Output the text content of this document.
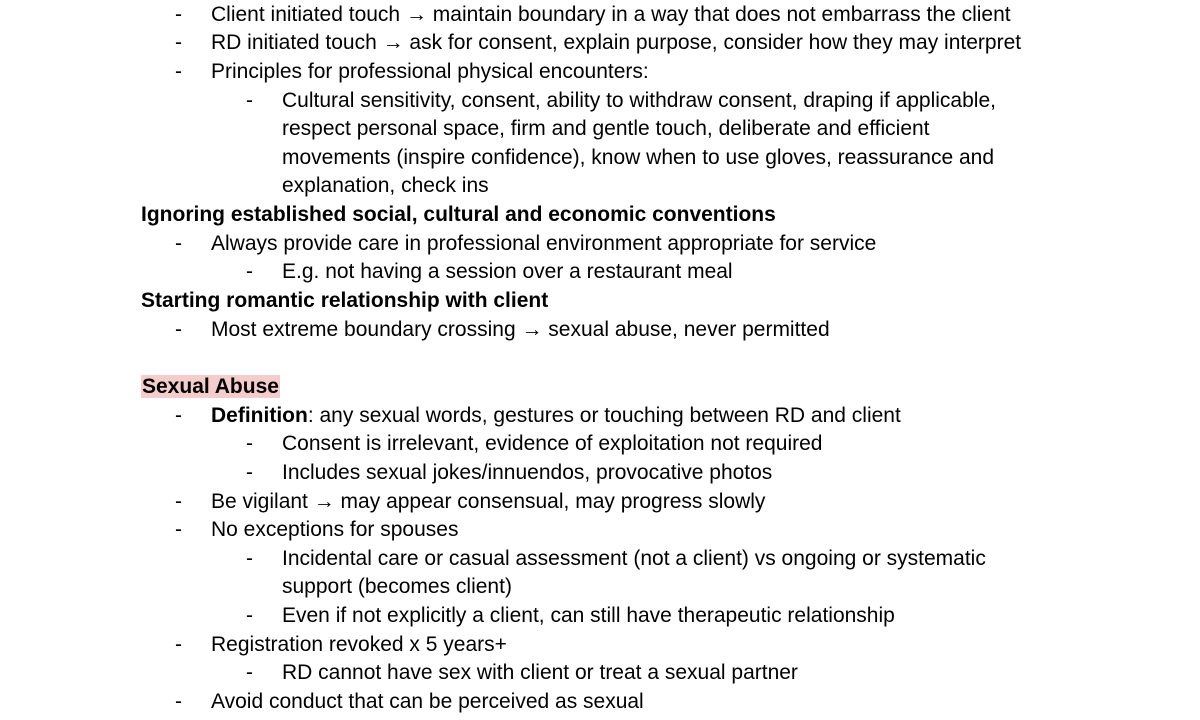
- Client initiated touch → maintain boundary in a way that does not embarrass the client
- RD initiated touch → ask for consent, explain purpose, consider how they may interpret
- Principles for professional physical encounters:
- Cultural sensitivity, consent, ability to withdraw consent, draping if applicable,
respect personal space, firm and gentle touch, deliberate and efficient
movements (inspire confidence), know when to use gloves, reassurance and
explanation, check ins
Ignoring established social, cultural and economic conventions
- Always provide care in professional environment appropriate for service
- E.g. not having a session over a restaurant meal
Starting romantic relationship with client
- Most extreme boundary crossing → sexual abuse, never permitted
Sexual Abuse
- Definition: any sexual words, gestures or touching between RD and client
- Consent is irrelevant, evidence of exploitation not required
- Includes sexual jokes/innuendos, provocative photos
- Be vigilant → may appear consensual, may progress slowly
- No exceptions for spouses
- Incidental care or casual assessment (not a client) vs ongoing or systematic
support (becomes client)
- Even if not explicitly a client, can still have therapeutic relationship
- Registration revoked x 5 years+
- RD cannot have sex with client or treat a sexual partner
- Avoid conduct that can be perceived as sexual
